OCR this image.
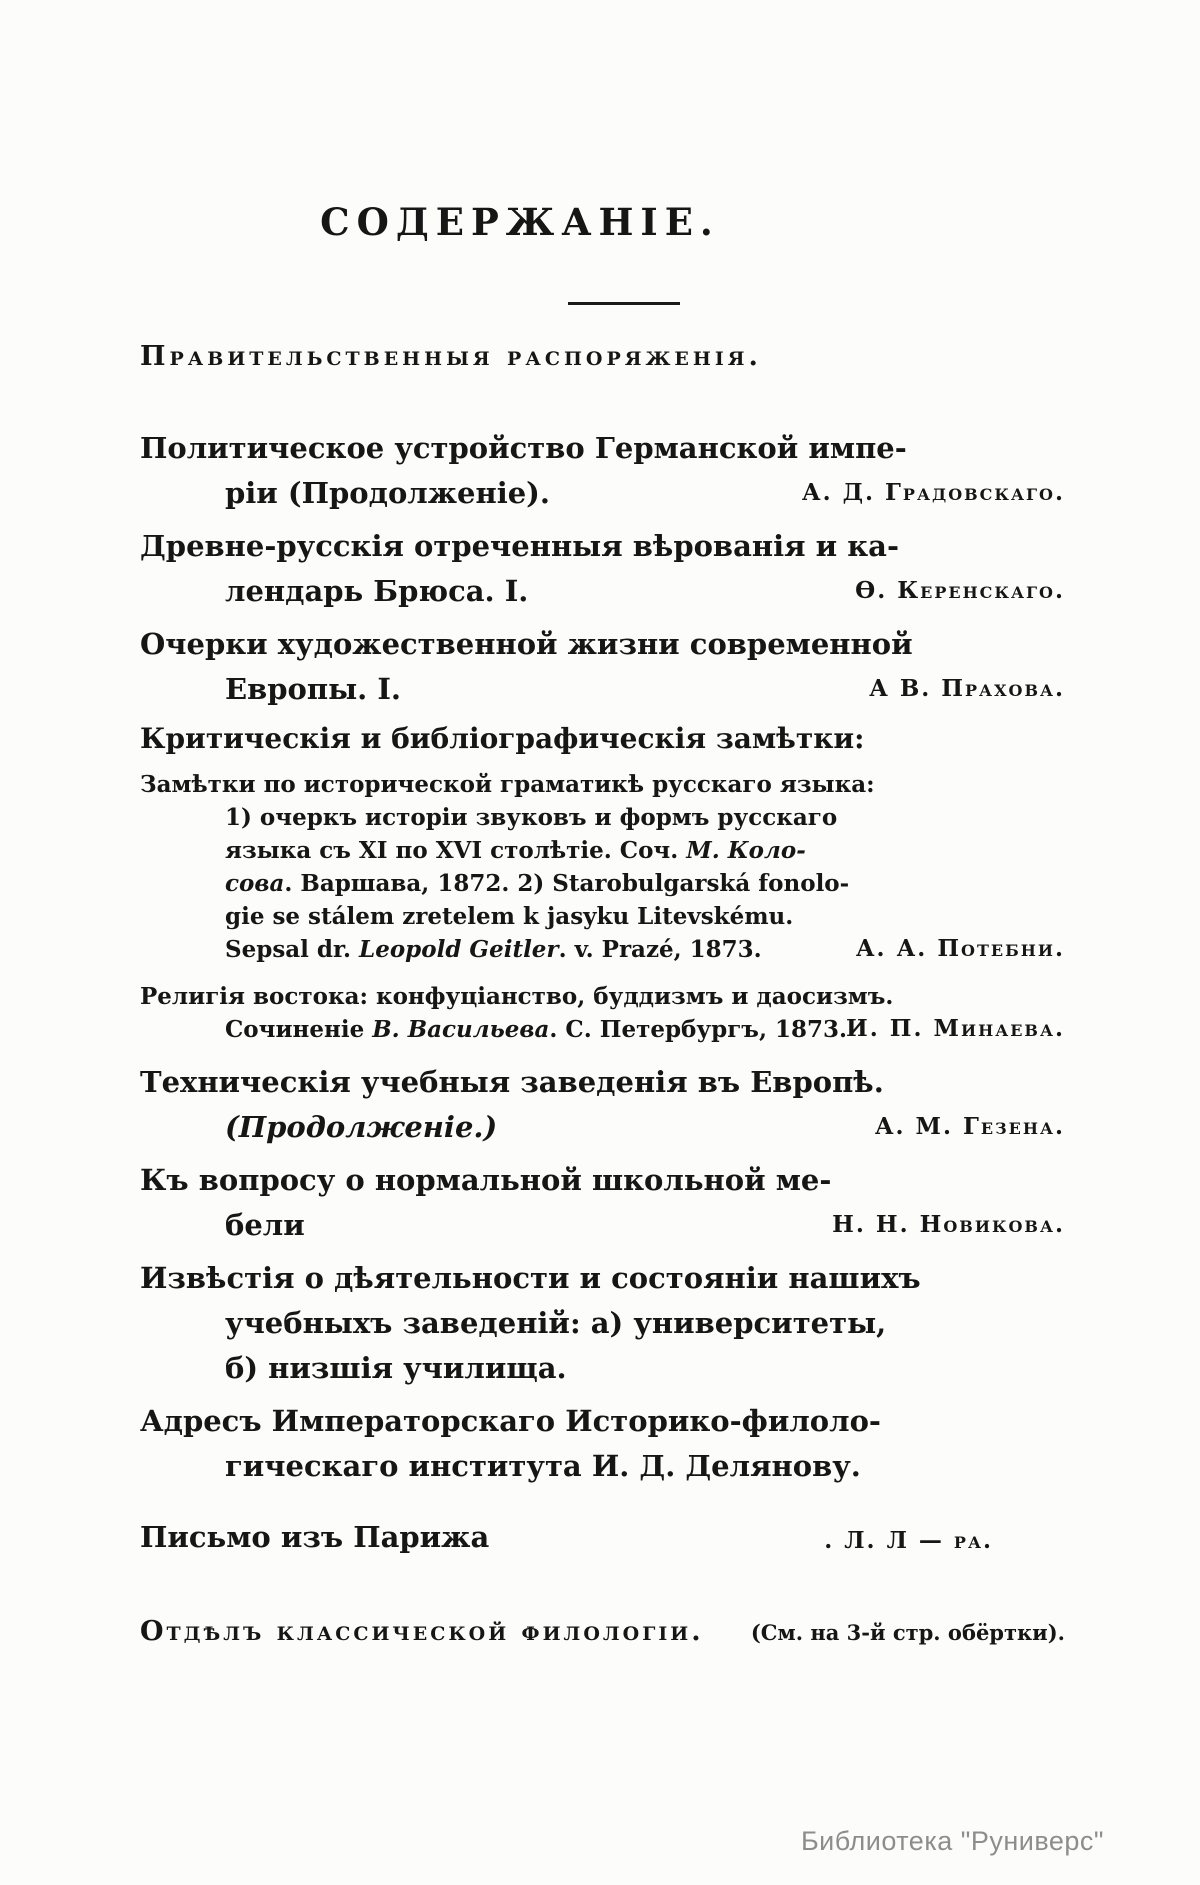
СОДЕРЖАНІЕ.
Правительственныя распоряженія.
Политическое устройство Германской импе-
ріи (Продолженіе).	А. Д. Градовскаго.
Древне-русскія отреченныя вѣрованія и ка-
лендарь Брюса. I.	Ѳ. Керенскаго.
Очерки художественной жизни современной
Европы. I.	А В. Прахова.
Критическія и библіографическія замѣтки:
Замѣтки по исторической граматикѣ русскаго языка:
1) очеркъ исторіи звуковъ и формъ русскаго
языка съ XI по XVI столѣтіе. Соч. М. Коло-
сова. Варшава, 1872. 2) Starobulgarská fonolo-
gie se stálem zretelem k jasyku Litevskému.
Sepsal dr. Leopold Geitler. v. Prazé, 1873.	А. А. Потебни.
Религія востока: конфуціанство, буддизмъ и даосизмъ.
Сочиненіе В. Васильева. С. Петербургъ, 1873. И. П. Минаева.
Техническія учебныя заведенія въ Европѣ.
(Продолженіе.)	А. М. Гезена.
Къ вопросу о нормальной школьной ме-
бели	Н. Н. Новикова.
Извѣстія о дѣятельности и состояніи нашихъ
учебныхъ заведеній: а) университеты,
б) низшія училища.
Адресъ Императорскаго Историко-филоло-
гическаго института И. Д. Делянову.
Письмо изъ Парижа	. Л. Л — ра.
Отдѣлъ классической филологіи. (См. на 3-й стр. обёртки).
Библиотека "Руниверс"
